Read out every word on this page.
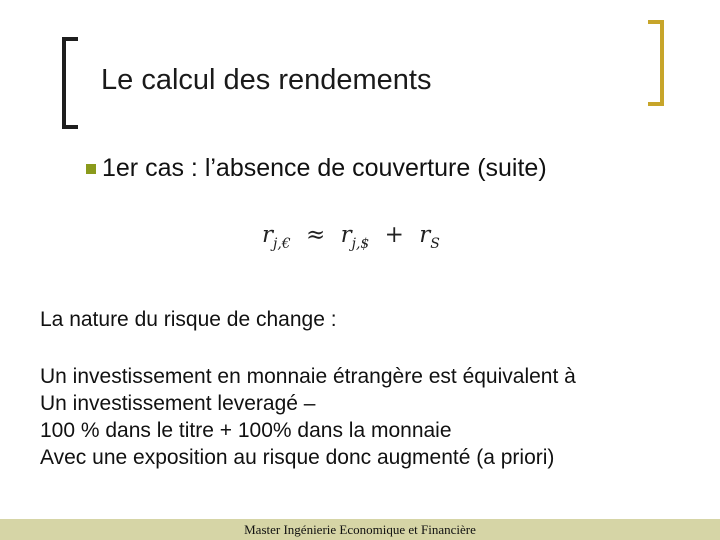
Le calcul des rendements
1er cas : l’absence de couverture (suite)
$r_{j,€} \approx r_{j,\$} + r_S$

La nature du risque de change :

Un investissement en monnaie étrangère est équivalent à
Un investissement leveragé –
100 % dans le titre + 100% dans la monnaie
Avec une exposition au risque donc augmenté (a priori)
Master Ingénierie Economique et Financière
